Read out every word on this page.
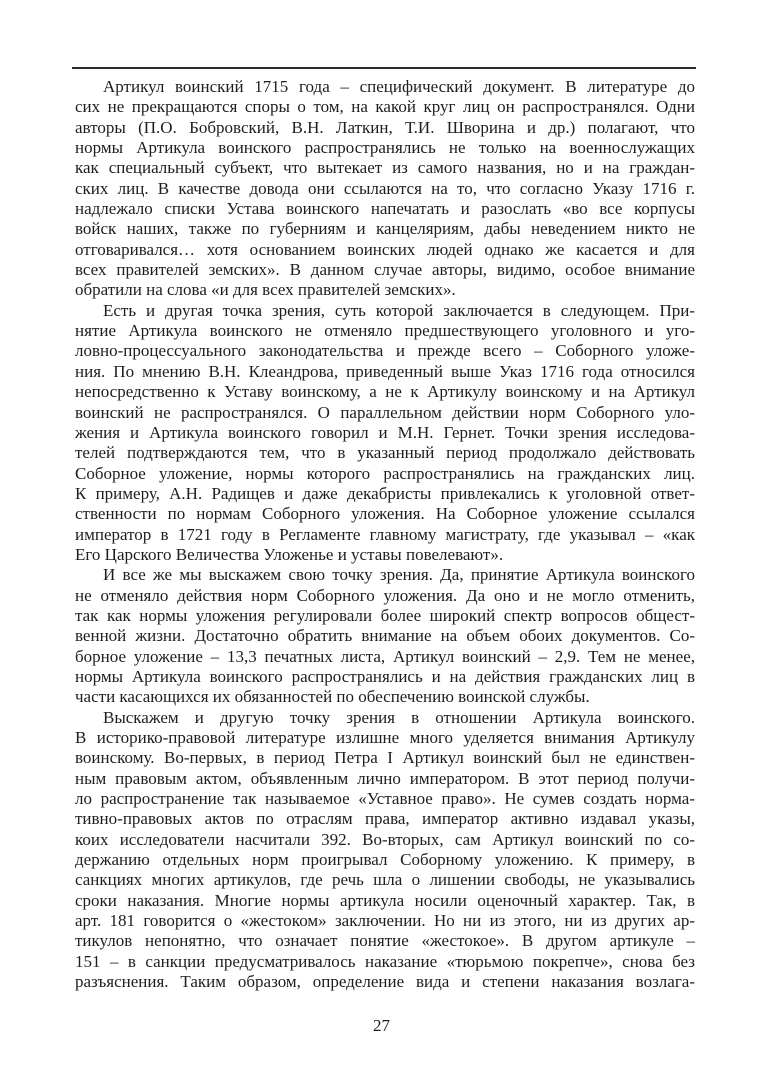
Артикул воинский 1715 года – специфический документ. В литературе до
сих не прекращаются споры о том, на какой круг лиц он распространялся. Одни
авторы (П.О. Бобровский, В.Н. Латкин, Т.И. Шворина и др.) полагают, что
нормы Артикула воинского распространялись не только на военнослужащих
как специальный субъект, что вытекает из самого названия, но и на граждан-
ских лиц. В качестве довода они ссылаются на то, что согласно Указу 1716 г.
надлежало списки Устава воинского напечатать и разослать «во все корпусы
войск наших, также по губерниям и канцеляриям, дабы неведением никто не
отговаривался… хотя основанием воинских людей однако же касается и для
всех правителей земских». В данном случае авторы, видимо, особое внимание
обратили на слова «и для всех правителей земских».
Есть и другая точка зрения, суть которой заключается в следующем. При-
нятие Артикула воинского не отменяло предшествующего уголовного и уго-
ловно-процессуального законодательства и прежде всего – Соборного уложе-
ния. По мнению В.Н. Клеандрова, приведенный выше Указ 1716 года относился
непосредственно к Уставу воинскому, а не к Артикулу воинскому и на Артикул
воинский не распространялся. О параллельном действии норм Соборного уло-
жения и Артикула воинского говорил и М.Н. Гернет. Точки зрения исследова-
телей подтверждаются тем, что в указанный период продолжало действовать
Соборное уложение, нормы которого распространялись на гражданских лиц.
К примеру, А.Н. Радищев и даже декабристы привлекались к уголовной ответ-
ственности по нормам Соборного уложения. На Соборное уложение ссылался
император в 1721 году в Регламенте главному магистрату, где указывал – «как
Его Царского Величества Уложенье и уставы повелевают».
И все же мы выскажем свою точку зрения. Да, принятие Артикула воинского
не отменяло действия норм Соборного уложения. Да оно и не могло отменить,
так как нормы уложения регулировали более широкий спектр вопросов общест-
венной жизни. Достаточно обратить внимание на объем обоих документов. Со-
борное уложение – 13,3 печатных листа, Артикул воинский – 2,9. Тем не менее,
нормы Артикула воинского распространялись и на действия гражданских лиц в
части касающихся их обязанностей по обеспечению воинской службы.
Выскажем и другую точку зрения в отношении Артикула воинского.
В историко-правовой литературе излишне много уделяется внимания Артикулу
воинскому. Во-первых, в период Петра I Артикул воинский был не единствен-
ным правовым актом, объявленным лично императором. В этот период получи-
ло распространение так называемое «Уставное право». Не сумев создать норма-
тивно-правовых актов по отраслям права, император активно издавал указы,
коих исследователи насчитали 392. Во-вторых, сам Артикул воинский по со-
держанию отдельных норм проигрывал Соборному уложению. К примеру, в
санкциях многих артикулов, где речь шла о лишении свободы, не указывались
сроки наказания. Многие нормы артикула носили оценочный характер. Так, в
арт. 181 говорится о «жестоком» заключении. Но ни из этого, ни из других ар-
тикулов непонятно, что означает понятие «жестокое». В другом артикуле –
151 – в санкции предусматривалось наказание «тюрьмою покрепче», снова без
разъяснения. Таким образом, определение вида и степени наказания возлага-
27
